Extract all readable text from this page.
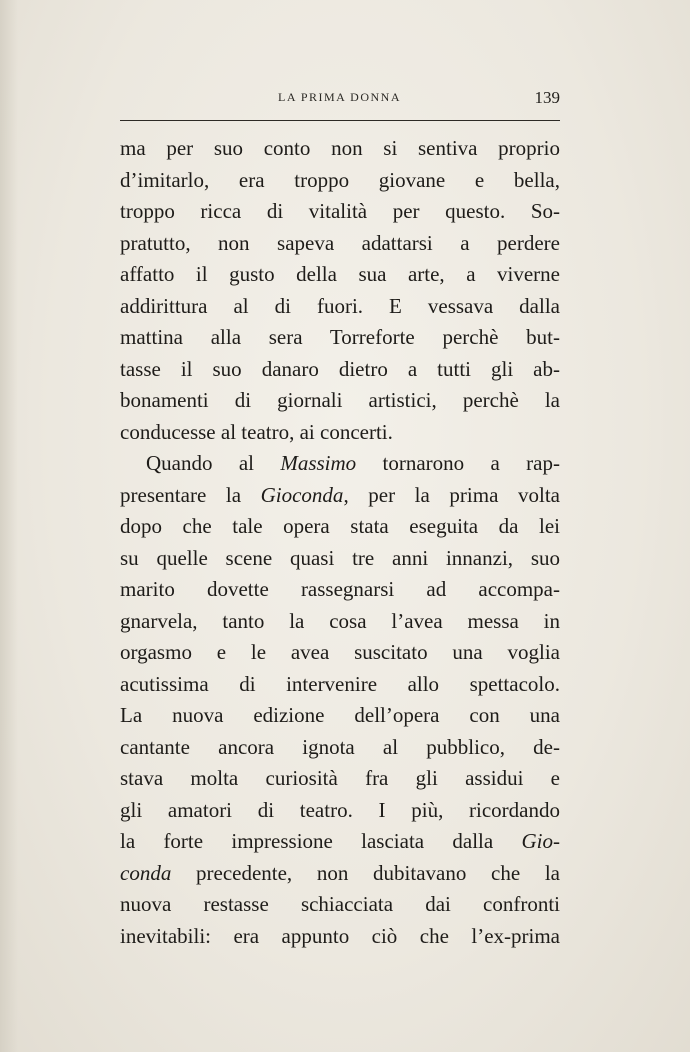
LA PRIMA DONNA	139
ma per suo conto non si sentiva proprio
d’imitarlo, era troppo giovane e bella,
troppo ricca di vitalità per questo. So-
pratutto, non sapeva adattarsi a perdere
affatto il gusto della sua arte, a viverne
addirittura al di fuori. E vessava dalla
mattina alla sera Torreforte perchè but-
tasse il suo danaro dietro a tutti gli ab-
bonamenti di giornali artistici, perchè la
conducesse al teatro, ai concerti.
Quando al Massimo tornarono a rap-
presentare la Gioconda, per la prima volta
dopo che tale opera stata eseguita da lei
su quelle scene quasi tre anni innanzi, suo
marito dovette rassegnarsi ad accompa-
gnarvela, tanto la cosa l’avea messa in
orgasmo e le avea suscitato una voglia
acutissima di intervenire allo spettacolo.
La nuova edizione dell’opera con una
cantante ancora ignota al pubblico, de-
stava molta curiosità fra gli assidui e
gli amatori di teatro. I più, ricordando
la forte impressione lasciata dalla Gio-
conda precedente, non dubitavano che la
nuova restasse schiacciata dai confronti
inevitabili: era appunto ciò che l’ex-prima
